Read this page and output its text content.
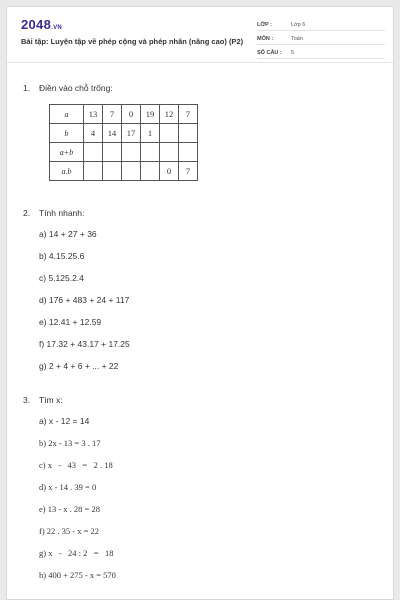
2048.VN
Bài tập: Luyện tập về phép cộng và phép nhân (nâng cao) (P2)
LỚP :	Lớp 6
MÔN :	Toán
SỐ CÂU : 5
1. Điền vào chỗ trống:
a	13	7	0	19	12	7
b	4	14	17	1		
a+b						
a.b					0	7
2. Tính nhanh:
a) 14 + 27 + 36
b) 4.15.25.6
c) 5.125.2.4
d) 176 + 483 + 24 + 117
e) 12.41 + 12.59
f) 17.32 + 43.17 + 17.25
g) 2 + 4 + 6 + ... + 22
3. Tìm x:
a) x - 12 = 14
b) 2x - 13 = 3 . 17
c) x   -   43   =   2 . 18
d) x - 14 . 39 = 0
e) 13 - x . 28 = 28
f) 22 . 35 - x = 22
g) x   -   24 : 2   =   18
h) 400 + 275 - x = 570
